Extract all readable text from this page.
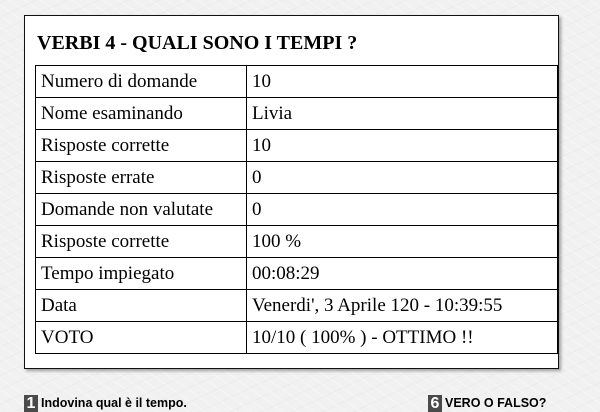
VERBI 4 - QUALI SONO I TEMPI ?
Numero di domande	10
Nome esaminando	Livia
Risposte corrette	10
Risposte errate	0
Domande non valutate	0
Risposte corrette	100 %
Tempo impiegato	00:08:29
Data	Venerdi', 3 Aprile 120 - 10:39:55
VOTO	10/10 ( 100% ) - OTTIMO !!
1 Indovina qual è il tempo.	6 VERO O FALSO?
